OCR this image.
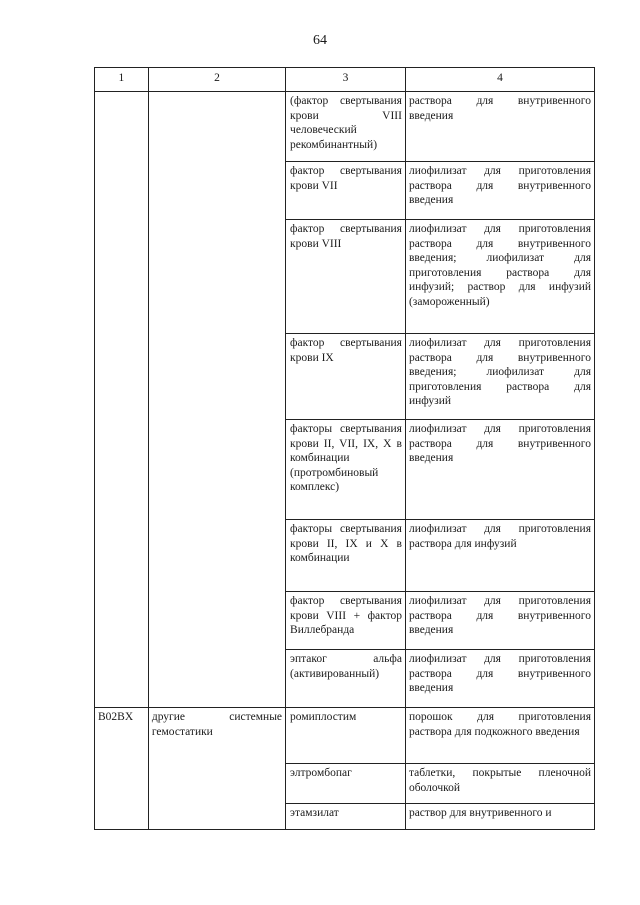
64
1	2	3	4
		(фактор свертывания крови VIII человеческий рекомбинантный)	раствора для внутривенного введения
		фактор свертывания крови VII	лиофилизат для приготовления раствора для внутривенного введения
		фактор свертывания крови VIII	лиофилизат для приготовления раствора для внутривенного введения; лиофилизат для приготовления раствора для инфузий; раствор для инфузий (замороженный)
		фактор свертывания крови IX	лиофилизат для приготовления раствора для внутривенного введения; лиофилизат для приготовления раствора для инфузий
		факторы свертывания крови II, VII, IX, X в комбинации (протромбиновый комплекс)	лиофилизат для приготовления раствора для внутривенного введения
		факторы свертывания крови II, IX и X в комбинации	лиофилизат для приготовления раствора для инфузий
		фактор свертывания крови VIII + фактор Виллебранда	лиофилизат для приготовления раствора для внутривенного введения
		эптаког альфа (активированный)	лиофилизат для приготовления раствора для внутривенного введения
B02BX	другие системные гемостатики	ромиплостим	порошок для приготовления раствора для подкожного введения
		элтромбопаг	таблетки, покрытые пленочной оболочкой
		этамзилат	раствор для внутривенного и
